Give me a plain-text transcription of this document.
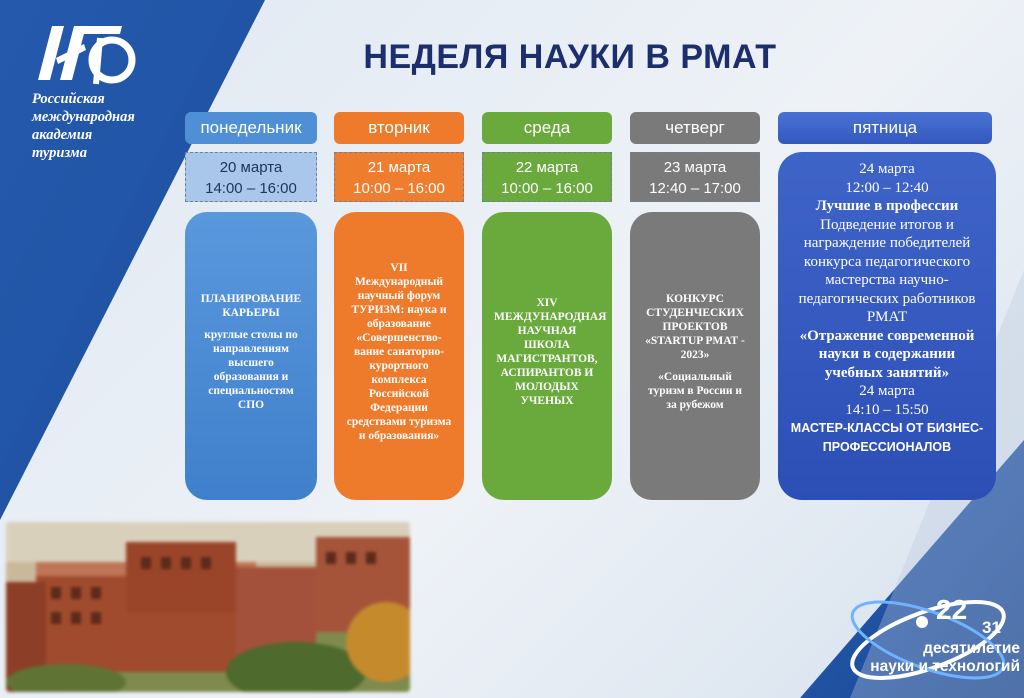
Российская
международная
академия
туризма
НЕДЕЛЯ НАУКИ В РМАТ
понедельник
20 марта
14:00 – 16:00

ПЛАНИРОВАНИЕ КАРЬЕРЫ

круглые столы по направлениям высшего образования и специальностям СПО

вторник
21 марта
10:00 – 16:00

VII Международный научный форум ТУРИЗМ: наука и образование «Совершенство-вание санаторно-курортного комплекса Российской Федерации средствами туризма и образования»

среда
22 марта
10:00 – 16:00

XIV МЕЖДУНАРОДНАЯ НАУЧНАЯ ШКОЛА МАГИСТРАНТОВ, АСПИРАНТОВ И МОЛОДЫХ УЧЕНЫХ

четверг
23 марта
12:40 – 17:00

КОНКУРС СТУДЕНЧЕСКИХ ПРОЕКТОВ «STARTUP РМАТ - 2023»

«Социальный туризм в России и за рубежом

пятница
24 марта
12:00 – 12:40
Лучшие в профессии
Подведение итогов и награждение победителей конкурса педагогического мастерства научно-педагогических работников РМАТ
«Отражение современной науки в содержании учебных занятий»
24 марта
14:10 – 15:50
МАСТЕР-КЛАССЫ ОТ БИЗНЕС-ПРОФЕССИОНАЛОВ
22
31
десятилетие
науки и технологий
